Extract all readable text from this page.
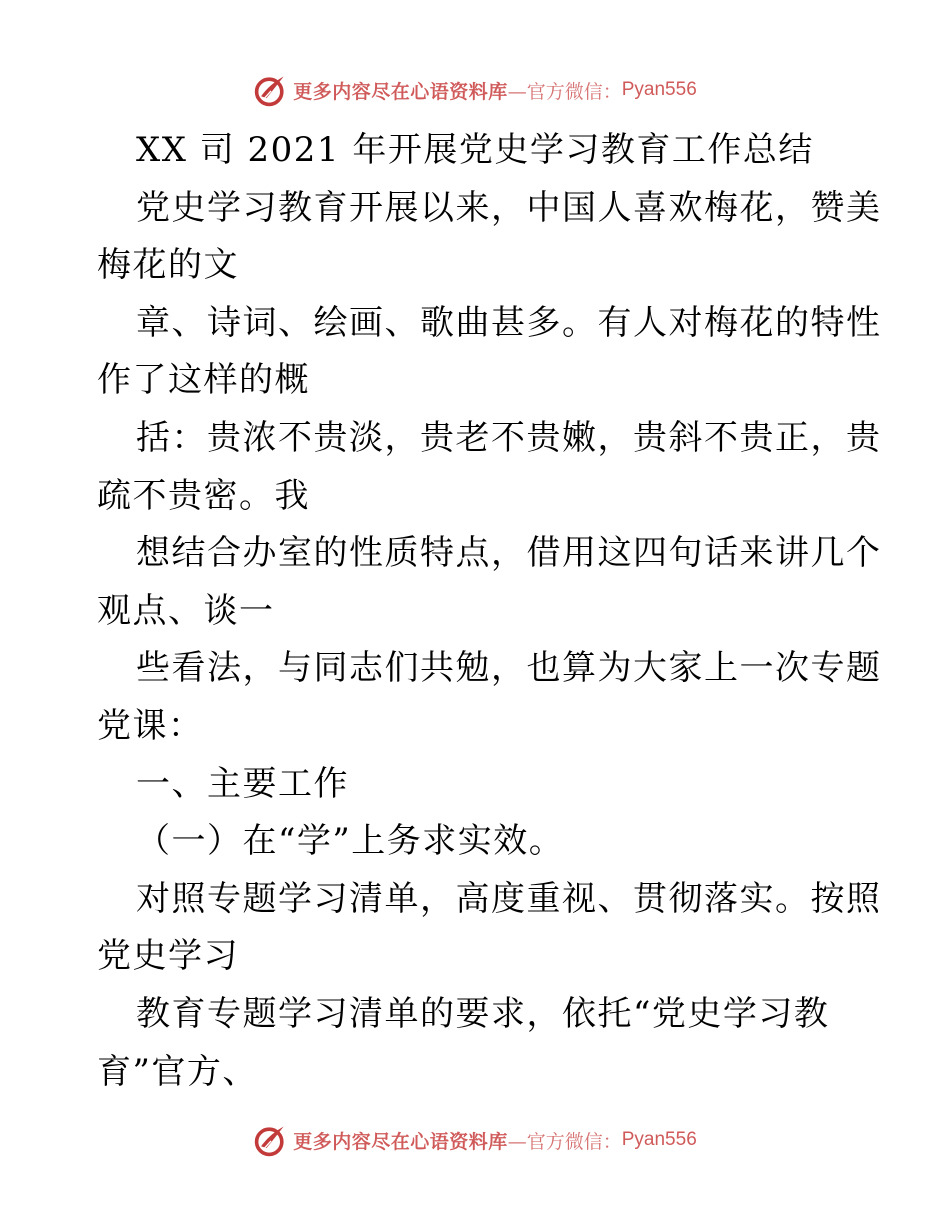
更多内容尽在心语资料库 —官方微信： Pyan556
XX 司 2021 年开展党史学习教育工作总结
党史学习教育开展以来，中国人喜欢梅花，赞美
梅花的文
章、诗词、绘画、歌曲甚多。有人对梅花的特性
作了这样的概
括：贵浓不贵淡，贵老不贵嫩，贵斜不贵正，贵
疏不贵密。我
想结合办室的性质特点，借用这四句话来讲几个
观点、谈一
些看法，与同志们共勉，也算为大家上一次专题
党课：
一、主要工作
（一）在“学”上务求实效。
对照专题学习清单，高度重视、贯彻落实。按照
党史学习
教育专题学习清单的要求，依托“党史学习教
育”官方、
更多内容尽在心语资料库 —官方微信： Pyan556
